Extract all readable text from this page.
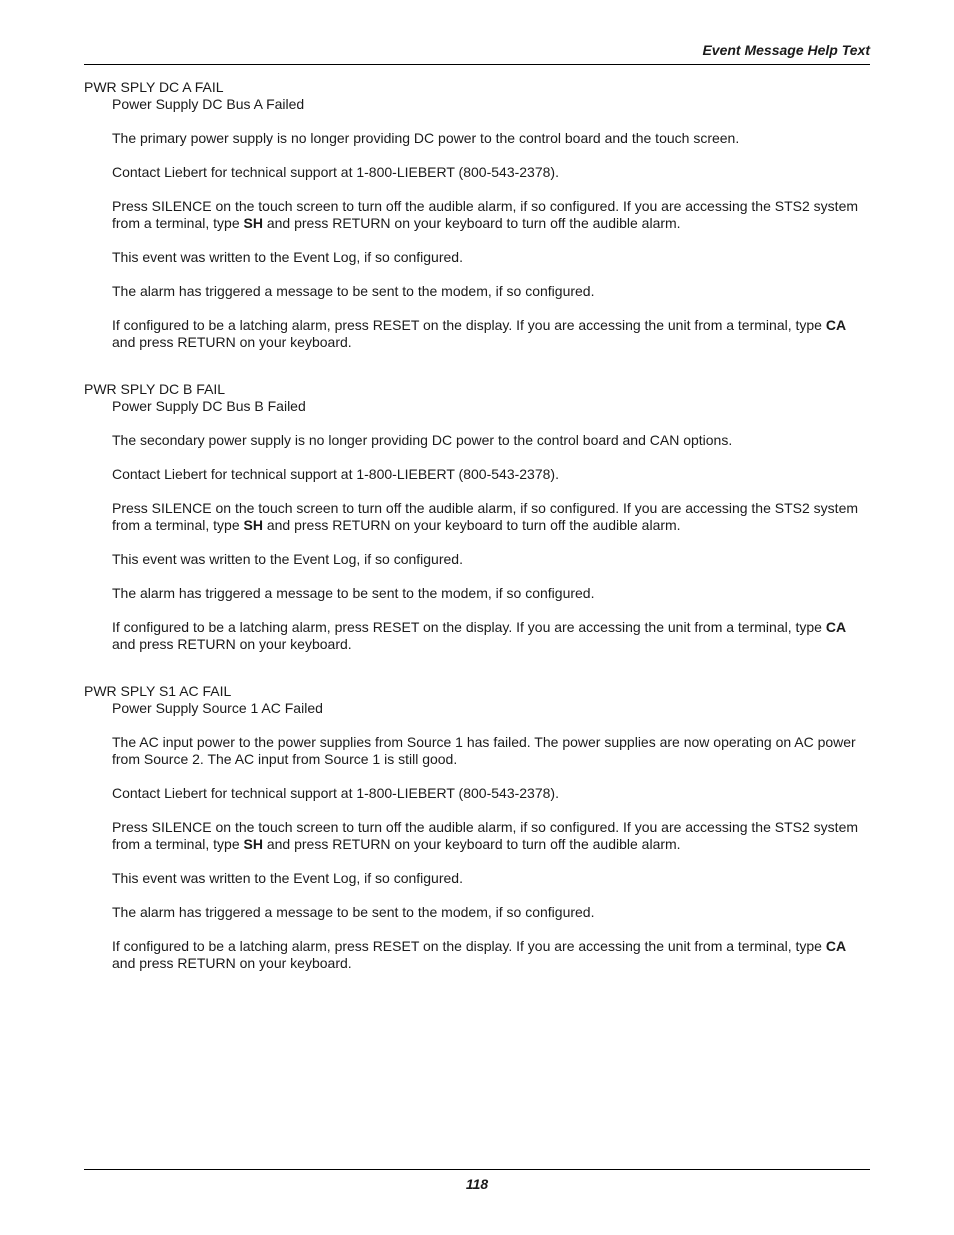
Event Message Help Text
PWR SPLY DC A FAIL
Power Supply DC Bus A Failed

The primary power supply is no longer providing DC power to the control board and the touch screen.

Contact Liebert for technical support at 1-800-LIEBERT (800-543-2378).

Press SILENCE on the touch screen to turn off the audible alarm, if so configured. If you are accessing the STS2 system from a terminal, type SH and press RETURN on your keyboard to turn off the audible alarm.

This event was written to the Event Log, if so configured.

The alarm has triggered a message to be sent to the modem, if so configured.

If configured to be a latching alarm, press RESET on the display. If you are accessing the unit from a terminal, type CA and press RETURN on your keyboard.

PWR SPLY DC B FAIL
Power Supply DC Bus B Failed

The secondary power supply is no longer providing DC power to the control board and CAN options.

Contact Liebert for technical support at 1-800-LIEBERT (800-543-2378).

Press SILENCE on the touch screen to turn off the audible alarm, if so configured. If you are accessing the STS2 system from a terminal, type SH and press RETURN on your keyboard to turn off the audible alarm.

This event was written to the Event Log, if so configured.

The alarm has triggered a message to be sent to the modem, if so configured.

If configured to be a latching alarm, press RESET on the display. If you are accessing the unit from a terminal, type CA and press RETURN on your keyboard.

PWR SPLY S1 AC FAIL
Power Supply Source 1 AC Failed

The AC input power to the power supplies from Source 1 has failed. The power supplies are now operating on AC power from Source 2. The AC input from Source 1 is still good.

Contact Liebert for technical support at 1-800-LIEBERT (800-543-2378).

Press SILENCE on the touch screen to turn off the audible alarm, if so configured. If you are accessing the STS2 system from a terminal, type SH and press RETURN on your keyboard to turn off the audible alarm.

This event was written to the Event Log, if so configured.

The alarm has triggered a message to be sent to the modem, if so configured.

If configured to be a latching alarm, press RESET on the display. If you are accessing the unit from a terminal, type CA and press RETURN on your keyboard.

118
